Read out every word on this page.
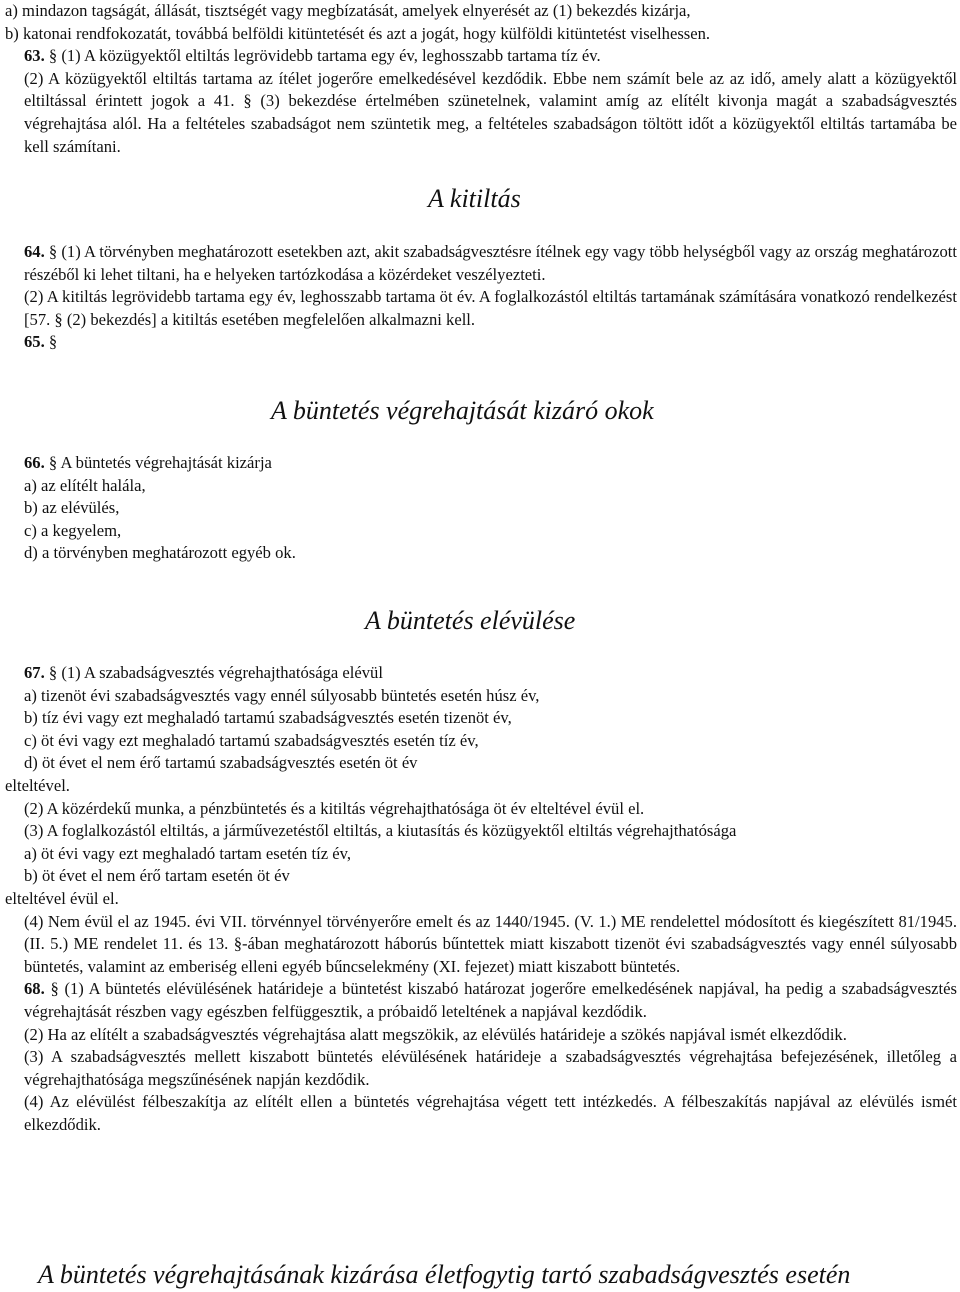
a) mindazon tagságát, állását, tisztségét vagy megbízatását, amelyek elnyerését az (1) bekezdés kizárja,

b) katonai rendfokozatát, továbbá belföldi kitüntetését és azt a jogát, hogy külföldi kitüntetést viselhessen.

63. § (1) A közügyektől eltiltás legrövidebb tartama egy év, leghosszabb tartama tíz év.

(2) A közügyektől eltiltás tartama az ítélet jogerőre emelkedésével kezdődik. Ebbe nem számít bele az az idő, amely alatt a közügyektől eltiltással érintett jogok a 41. § (3) bekezdése értelmében szünetelnek, valamint amíg az elítélt kivonja magát a szabadságvesztés végrehajtása alól. Ha a feltételes szabadságot nem szüntetik meg, a feltételes szabadságon töltött időt a közügyektől eltiltás tartamába be kell számítani.

A kitiltás

64. § (1) A törvényben meghatározott esetekben azt, akit szabadságvesztésre ítélnek egy vagy több helységből vagy az ország meghatározott részéből ki lehet tiltani, ha e helyeken tartózkodása a közérdeket veszélyezteti.

(2) A kitiltás legrövidebb tartama egy év, leghosszabb tartama öt év. A foglalkozástól eltiltás tartamának számítására vonatkozó rendelkezést [57. § (2) bekezdés] a kitiltás esetében megfelelően alkalmazni kell.

65. §

A büntetés végrehajtását kizáró okok

66. § A büntetés végrehajtását kizárja

a) az elítélt halála,

b) az elévülés,

c) a kegyelem,

d) a törvényben meghatározott egyéb ok.

A büntetés elévülése

67. § (1) A szabadságvesztés végrehajthatósága elévül

a) tizenöt évi szabadságvesztés vagy ennél súlyosabb büntetés esetén húsz év,

b) tíz évi vagy ezt meghaladó tartamú szabadságvesztés esetén tizenöt év,

c) öt évi vagy ezt meghaladó tartamú szabadságvesztés esetén tíz év,

d) öt évet el nem érő tartamú szabadságvesztés esetén öt év

elteltével.

(2) A közérdekű munka, a pénzbüntetés és a kitiltás végrehajthatósága öt év elteltével évül el.

(3) A foglalkozástól eltiltás, a járművezetéstől eltiltás, a kiutasítás és közügyektől eltiltás végrehajthatósága

a) öt évi vagy ezt meghaladó tartam esetén tíz év,

b) öt évet el nem érő tartam esetén öt év

elteltével évül el.

(4) Nem évül el az 1945. évi VII. törvénnyel törvényerőre emelt és az 1440/1945. (V. 1.) ME rendelettel módosított és kiegészített 81/1945. (II. 5.) ME rendelet 11. és 13. §-ában meghatározott háborús bűntettek miatt kiszabott tizenöt évi szabadságvesztés vagy ennél súlyosabb büntetés, valamint az emberiség elleni egyéb bűncselekmény (XI. fejezet) miatt kiszabott büntetés.

68. § (1) A büntetés elévülésének határideje a büntetést kiszabó határozat jogerőre emelkedésének napjával, ha pedig a szabadságvesztés végrehajtását részben vagy egészben felfüggesztik, a próbaidő leteltének a napjával kezdődik.

(2) Ha az elítélt a szabadságvesztés végrehajtása alatt megszökik, az elévülés határideje a szökés napjával ismét elkezdődik.

(3) A szabadságvesztés mellett kiszabott büntetés elévülésének határideje a szabadságvesztés végrehajtása befejezésének, illetőleg a végrehajthatósága megszűnésének napján kezdődik.

(4) Az elévülést félbeszakítja az elítélt ellen a büntetés végrehajtása végett tett intézkedés. A félbeszakítás napjával az elévülés ismét elkezdődik.

A büntetés végrehajtásának kizárása életfogytig tartó szabadságvesztés esetén
